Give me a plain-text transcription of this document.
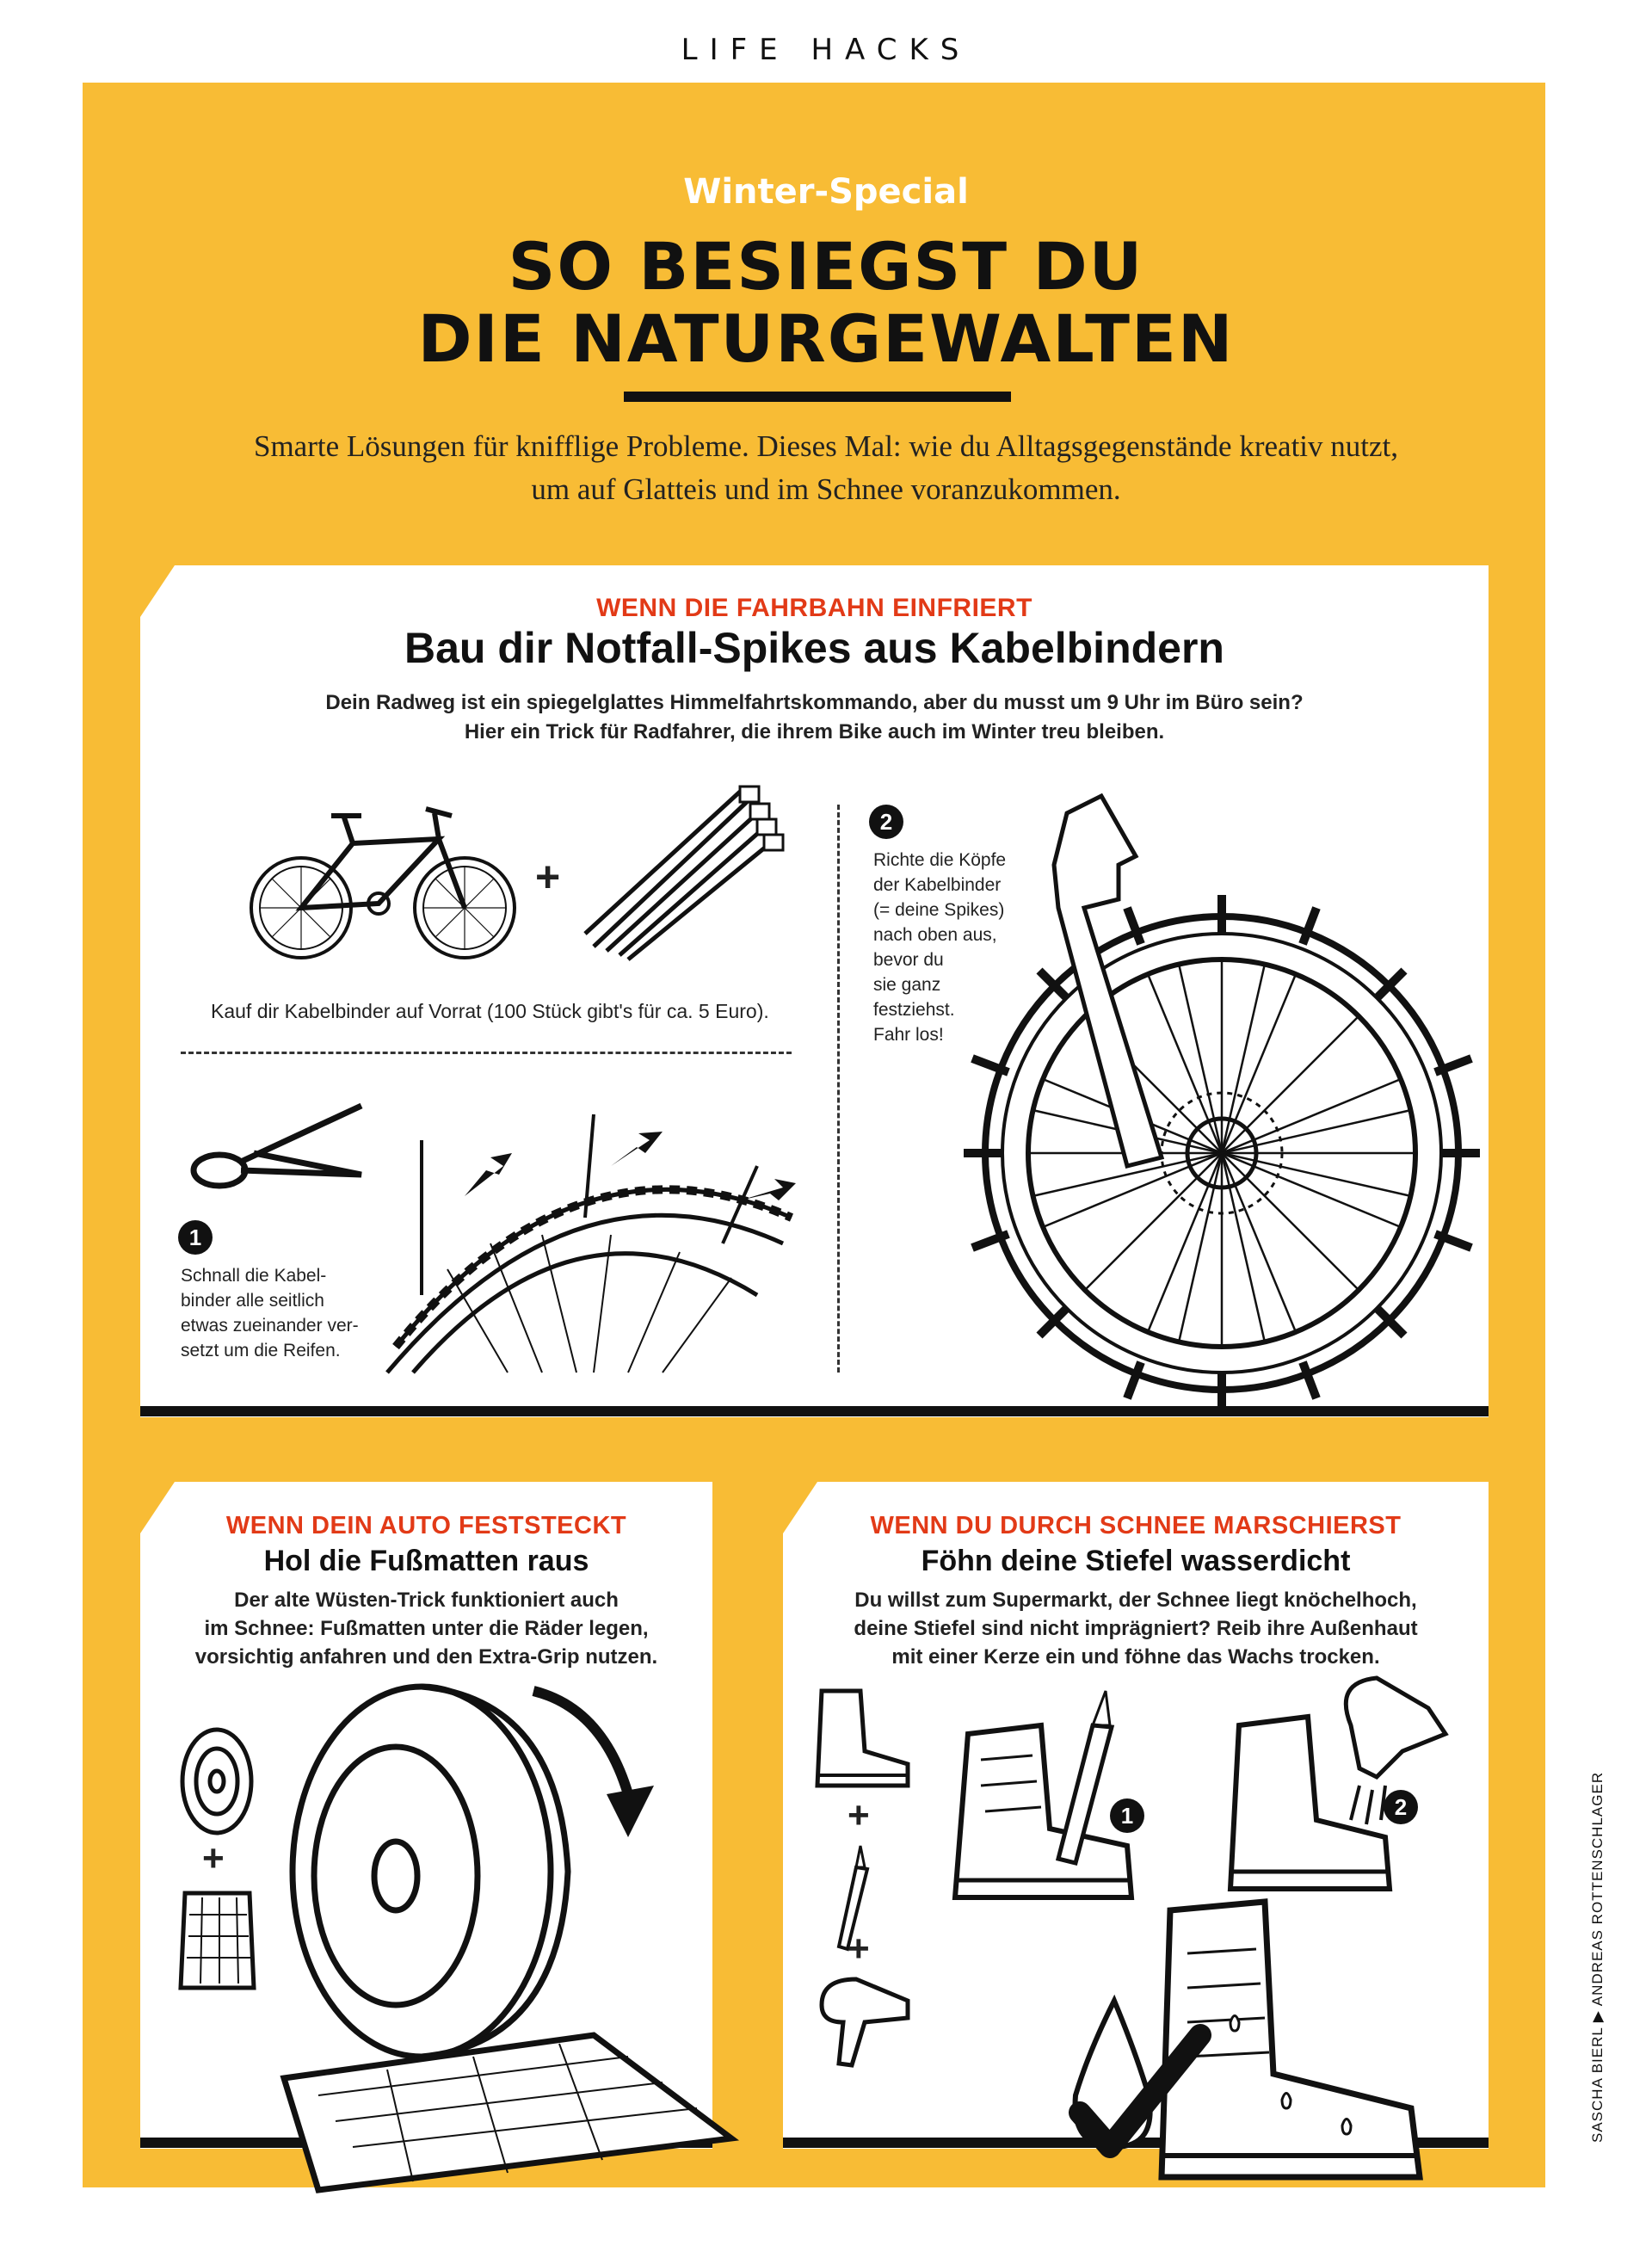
LIFE HACKS
Winter-Special
SO BESIEGST DU
DIE NATURGEWALTEN
Smarte Lösungen für knifflige Probleme. Dieses Mal: wie du Alltagsgegenstände kreativ nutzt,
um auf Glatteis und im Schnee voranzukommen.
WENN DIE FAHRBAHN EINFRIERT
Bau dir Notfall-Spikes aus Kabelbindern
Dein Radweg ist ein spiegelglattes Himmelfahrtskommando, aber du musst um 9 Uhr im Büro sein?
Hier ein Trick für Radfahrer, die ihrem Bike auch im Winter treu bleiben.
+
Kauf dir Kabelbinder auf Vorrat (100 Stück gibt's für ca. 5 Euro).
1
Schnall die Kabel-
binder alle seitlich
etwas zueinander ver-
setzt um die Reifen.
2
Richte die Köpfe
der Kabelbinder
(= deine Spikes)
nach oben aus,
bevor du
sie ganz
festziehst.
Fahr los!
WENN DEIN AUTO FESTSTECKT
Hol die Fußmatten raus
Der alte Wüsten-Trick funktioniert auch
im Schnee: Fußmatten unter die Räder legen,
vorsichtig anfahren und den Extra-Grip nutzen.
+
WENN DU DURCH SCHNEE MARSCHIERST
Föhn deine Stiefel wasserdicht
Du willst zum Supermarkt, der Schnee liegt knöchelhoch,
deine Stiefel sind nicht imprägniert? Reib ihre Außenhaut
mit einer Kerze ein und föhne das Wachs trocken.
+
+
1	2	SASCHA BIERL ▶ ANDREAS ROTTENSCHLAGER
